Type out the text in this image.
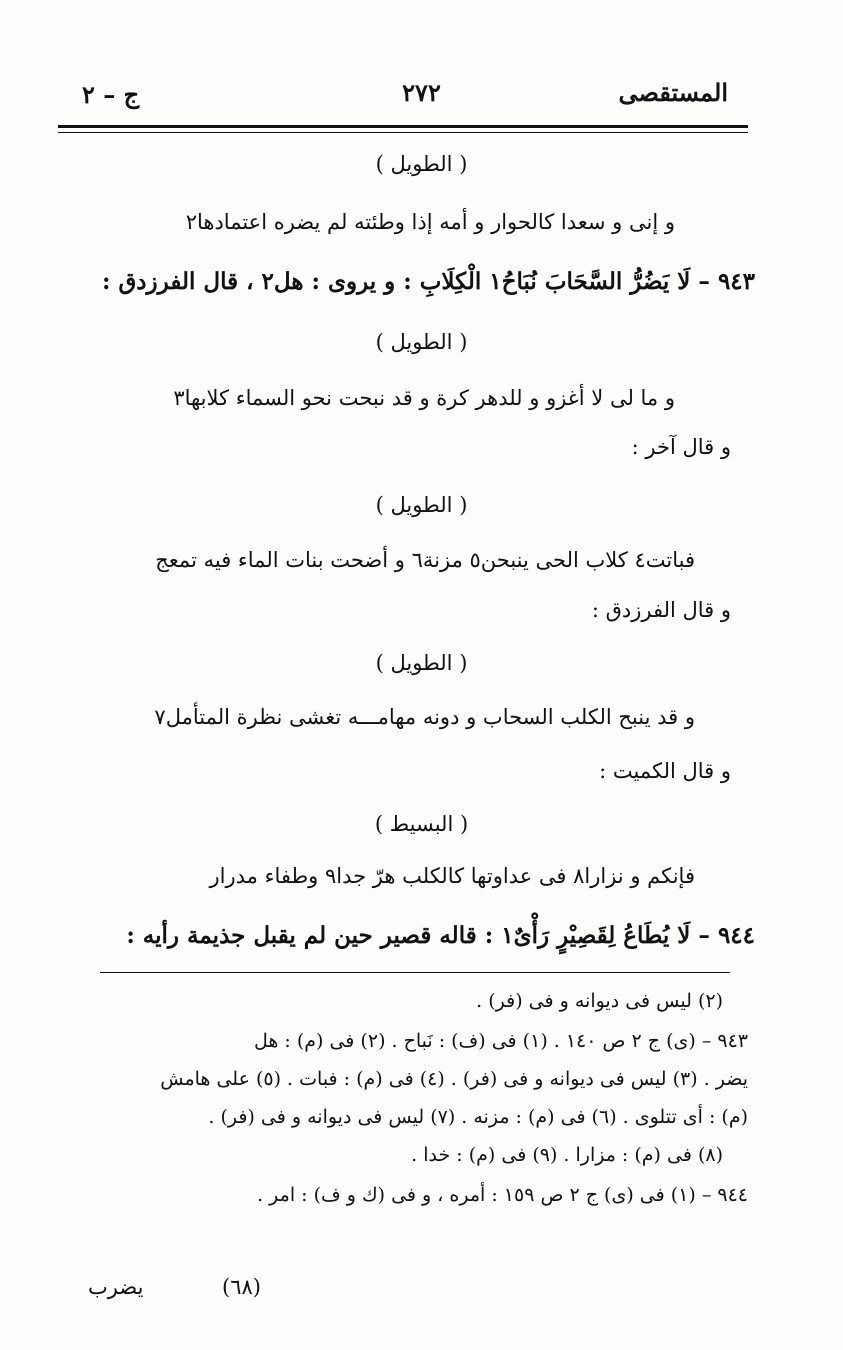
المستقصى
٢٧٢
ج – ٢
( الطويل )
و إنى و سعدا كالحوار و أمه إذا وطئته لم يضره اعتمادها٢
٩٤٣ – لَا يَضُرُّ السَّحَابَ نُبَاحُ١ الْكِلَابِ : و يروى : هل٢ ، قال الفرزدق :
( الطويل )
و ما لى لا أغزو و للدهر كرة و قد نبحت نحو السماء كلابها٣
و قال آخر :
( الطويل )
فباتت٤ كلاب الحى ينبحن٥ مزنة٦ و أضحت بنات الماء فيه تمعج
و قال الفرزدق :
( الطويل )
و قد ينبح الكلب السحاب و دونه مهامـــه تغشى نظرة المتأمل٧
و قال الكميت :
( البسيط )
فإنكم و نزارا٨ فى عداوتها كالكلب هرّ جدا٩ وطفاء مدرار
٩٤٤ – لَا يُطَاعُ لِقَصِيْرٍ رَأْىٌ١ : قاله قصير حين لم يقبل جذيمة رأيه :
(٢) ليس فى ديوانه و فى (فر) .
٩٤٣ – (ى) ج ٢ ص ١٤٠ . (١) فى (ف) : نَباح . (٢) فى (م) : هل
يضر . (٣) ليس فى ديوانه و فى (فر) . (٤) فى (م) : فبات . (٥) على هامش
(م) : أى تتلوى . (٦) فى (م) : مزنه . (٧) ليس فى ديوانه و فى (فر) .
(٨) فى (م) : مزارا . (٩) فى (م) : خدا .
٩٤٤ – (١) فى (ى) ج ٢ ص ١٥٩ : أمره ، و فى (ك و ف) : امر .
يضرب	(٦٨)
